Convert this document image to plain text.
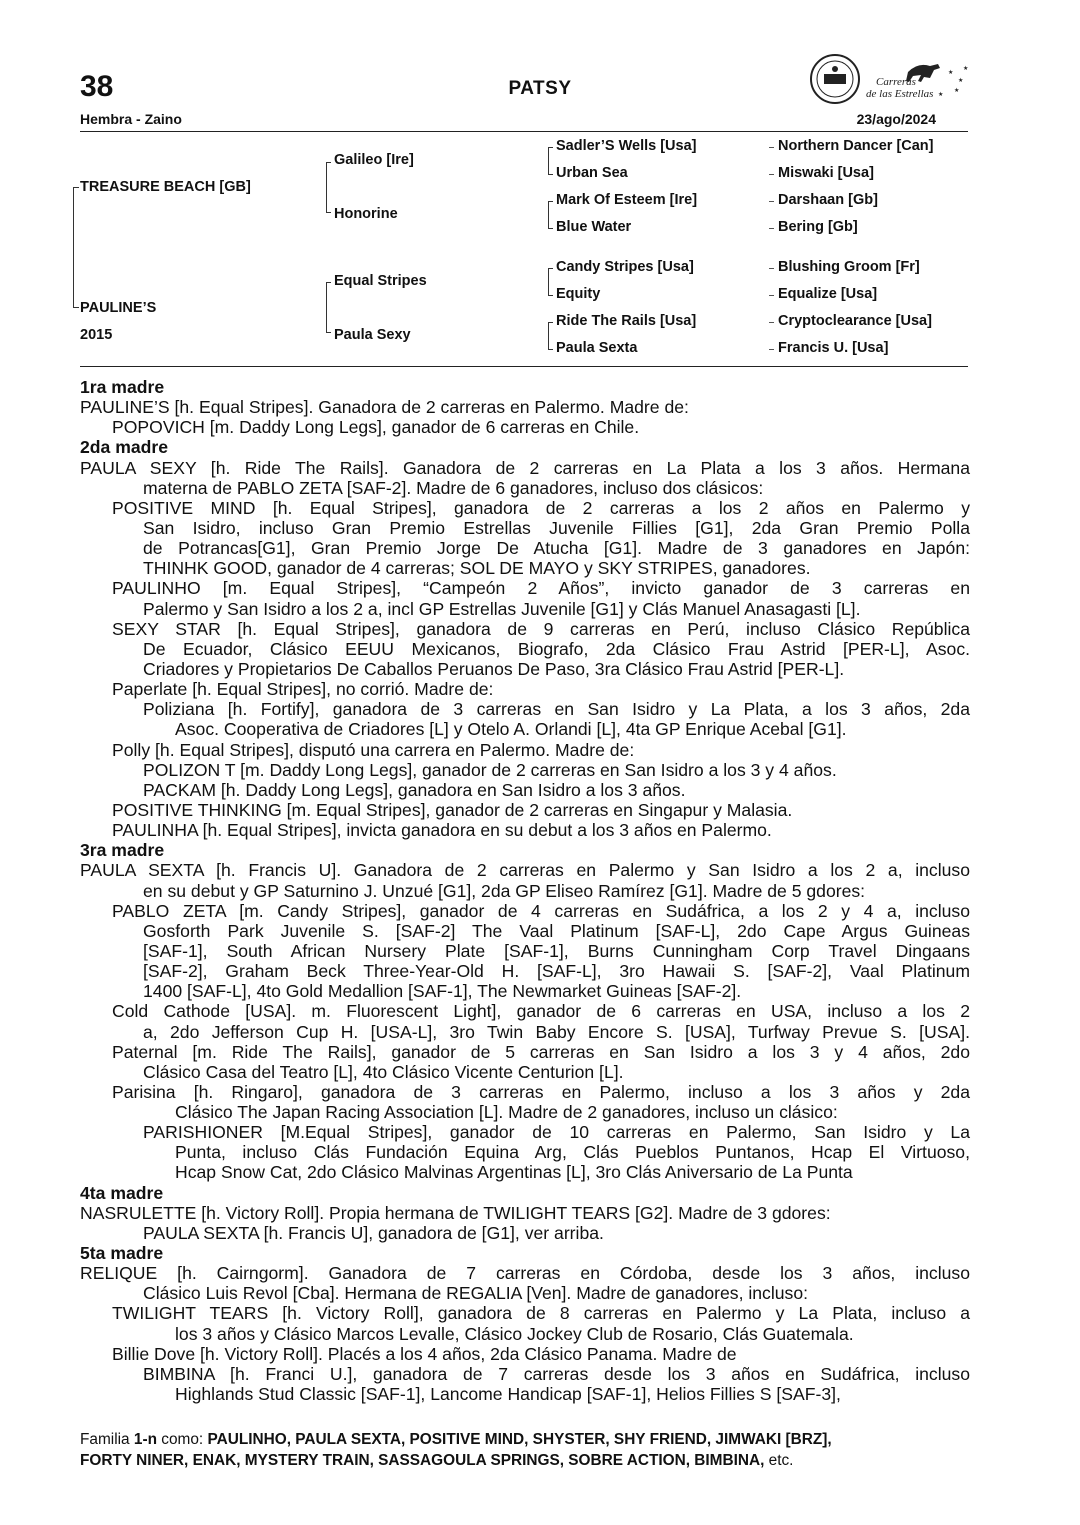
38	PATSY
Hembra - Zaino	23/ago/2024
Carreras
de las Estrellas
★
★
★
★
★
TREASURE BEACH [GB]
PAULINE’S
2015
Galileo [Ire]
Honorine
Equal Stripes
Paula Sexy
Sadler’S Wells [Usa]
Urban Sea
Mark Of Esteem [Ire]
Blue Water
Candy Stripes [Usa]
Equity
Ride The Rails [Usa]
Paula Sexta
Northern Dancer [Can]
Miswaki [Usa]
Darshaan [Gb]
Bering [Gb]
Blushing Groom [Fr]
Equalize [Usa]
Cryptoclearance [Usa]
Francis U. [Usa]
1ra madre
PAULINE’S [h. Equal Stripes]. Ganadora de 2 carreras en Palermo. Madre de:
POPOVICH [m. Daddy Long Legs], ganador de 6 carreras en Chile.
2da madre
PAULA SEXY [h. Ride The Rails]. Ganadora de 2 carreras en La Plata a los 3 años. Hermana
materna de PABLO ZETA [SAF-2]. Madre de 6 ganadores, incluso dos clásicos:
POSITIVE MIND [h. Equal Stripes], ganadora de 2 carreras a los 2 años en Palermo y
San Isidro, incluso Gran Premio Estrellas Juvenile Fillies [G1], 2da Gran Premio Polla
de Potrancas[G1], Gran Premio Jorge De Atucha [G1]. Madre de 3 ganadores en Japón:
THINHK GOOD, ganador de 4 carreras; SOL DE MAYO y SKY STRIPES, ganadores.
PAULINHO [m. Equal Stripes], “Campeón 2 Años”, invicto ganador de 3 carreras en
Palermo y San Isidro a los 2 a, incl GP Estrellas Juvenile [G1] y Clás Manuel Anasagasti [L].
SEXY STAR [h. Equal Stripes], ganadora de 9 carreras en Perú, incluso Clásico República
De Ecuador, Clásico EEUU Mexicanos, Biografo, 2da Clásico Frau Astrid [PER-L], Asoc.
Criadores y Propietarios De Caballos Peruanos De Paso, 3ra Clásico Frau Astrid [PER-L].
Paperlate [h. Equal Stripes], no corrió. Madre de:
Poliziana [h. Fortify], ganadora de 3 carreras en San Isidro y La Plata, a los 3 años, 2da
Asoc. Cooperativa de Criadores [L] y Otelo A. Orlandi [L], 4ta GP Enrique Acebal [G1].
Polly [h. Equal Stripes], disputó una carrera en Palermo. Madre de:
POLIZON T [m. Daddy Long Legs], ganador de 2 carreras en San Isidro a los 3 y 4 años.
PACKAM [h. Daddy Long Legs], ganadora en San Isidro a los 3 años.
POSITIVE THINKING [m. Equal Stripes], ganador de 2 carreras en Singapur y Malasia.
PAULINHA [h. Equal Stripes], invicta ganadora en su debut a los 3 años en Palermo.
3ra madre
PAULA SEXTA [h. Francis U]. Ganadora de 2 carreras en Palermo y San Isidro a los 2 a, incluso
en su debut y GP Saturnino J. Unzué [G1], 2da GP Eliseo Ramírez [G1]. Madre de 5 gdores:
PABLO ZETA [m. Candy Stripes], ganador de 4 carreras en Sudáfrica, a los 2 y 4 a, incluso
Gosforth Park Juvenile S. [SAF-2] The Vaal Platinum [SAF-L], 2do Cape Argus Guineas
[SAF-1], South African Nursery Plate [SAF-1], Burns Cunningham Corp Travel Dingaans
[SAF-2], Graham Beck Three-Year-Old H. [SAF-L], 3ro Hawaii S. [SAF-2], Vaal Platinum
1400 [SAF-L], 4to Gold Medallion [SAF-1], The Newmarket Guineas [SAF-2].
Cold Cathode [USA]. m. Fluorescent Light], ganador de 6 carreras en USA, incluso a los 2
a, 2do Jefferson Cup H. [USA-L], 3ro Twin Baby Encore S. [USA], Turfway Prevue S. [USA].
Paternal [m. Ride The Rails], ganador de 5 carreras en San Isidro a los 3 y 4 años, 2do
Clásico Casa del Teatro [L], 4to Clásico Vicente Centurion [L].
Parisina [h. Ringaro], ganadora de 3 carreras en Palermo, incluso a los 3 años y 2da
Clásico The Japan Racing Association [L]. Madre de 2 ganadores, incluso un clásico:
PARISHIONER [M.Equal Stripes], ganador de 10 carreras en Palermo, San Isidro y La
Punta, incluso Clás Fundación Equina Arg, Clás Pueblos Puntanos, Hcap El Virtuoso,
Hcap Snow Cat, 2do Clásico Malvinas Argentinas [L], 3ro Clás Aniversario de La Punta
4ta madre
NASRULETTE [h. Victory Roll]. Propia hermana de TWILIGHT TEARS [G2]. Madre de 3 gdores:
PAULA SEXTA [h. Francis U], ganadora de [G1], ver arriba.
5ta madre
RELIQUE [h. Cairngorm]. Ganadora de 7 carreras en Córdoba, desde los 3 años, incluso
Clásico Luis Revol [Cba]. Hermana de REGALIA [Ven]. Madre de ganadores, incluso:
TWILIGHT TEARS [h. Victory Roll], ganadora de 8 carreras en Palermo y La Plata, incluso a
los 3 años y Clásico Marcos Levalle, Clásico Jockey Club de Rosario, Clás Guatemala.
Billie Dove [h. Victory Roll]. Placés a los 4 años, 2da Clásico Panama. Madre de
BIMBINA [h. Franci U.], ganadora de 7 carreras desde los 3 años en Sudáfrica, incluso
Highlands Stud Classic [SAF-1], Lancome Handicap [SAF-1], Helios Fillies S [SAF-3],
Familia 1-n como: PAULINHO, PAULA SEXTA, POSITIVE MIND, SHYSTER, SHY FRIEND, JIMWAKI [BRZ],
FORTY NINER, ENAK, MYSTERY TRAIN, SASSAGOULA SPRINGS, SOBRE ACTION, BIMBINA, etc.
